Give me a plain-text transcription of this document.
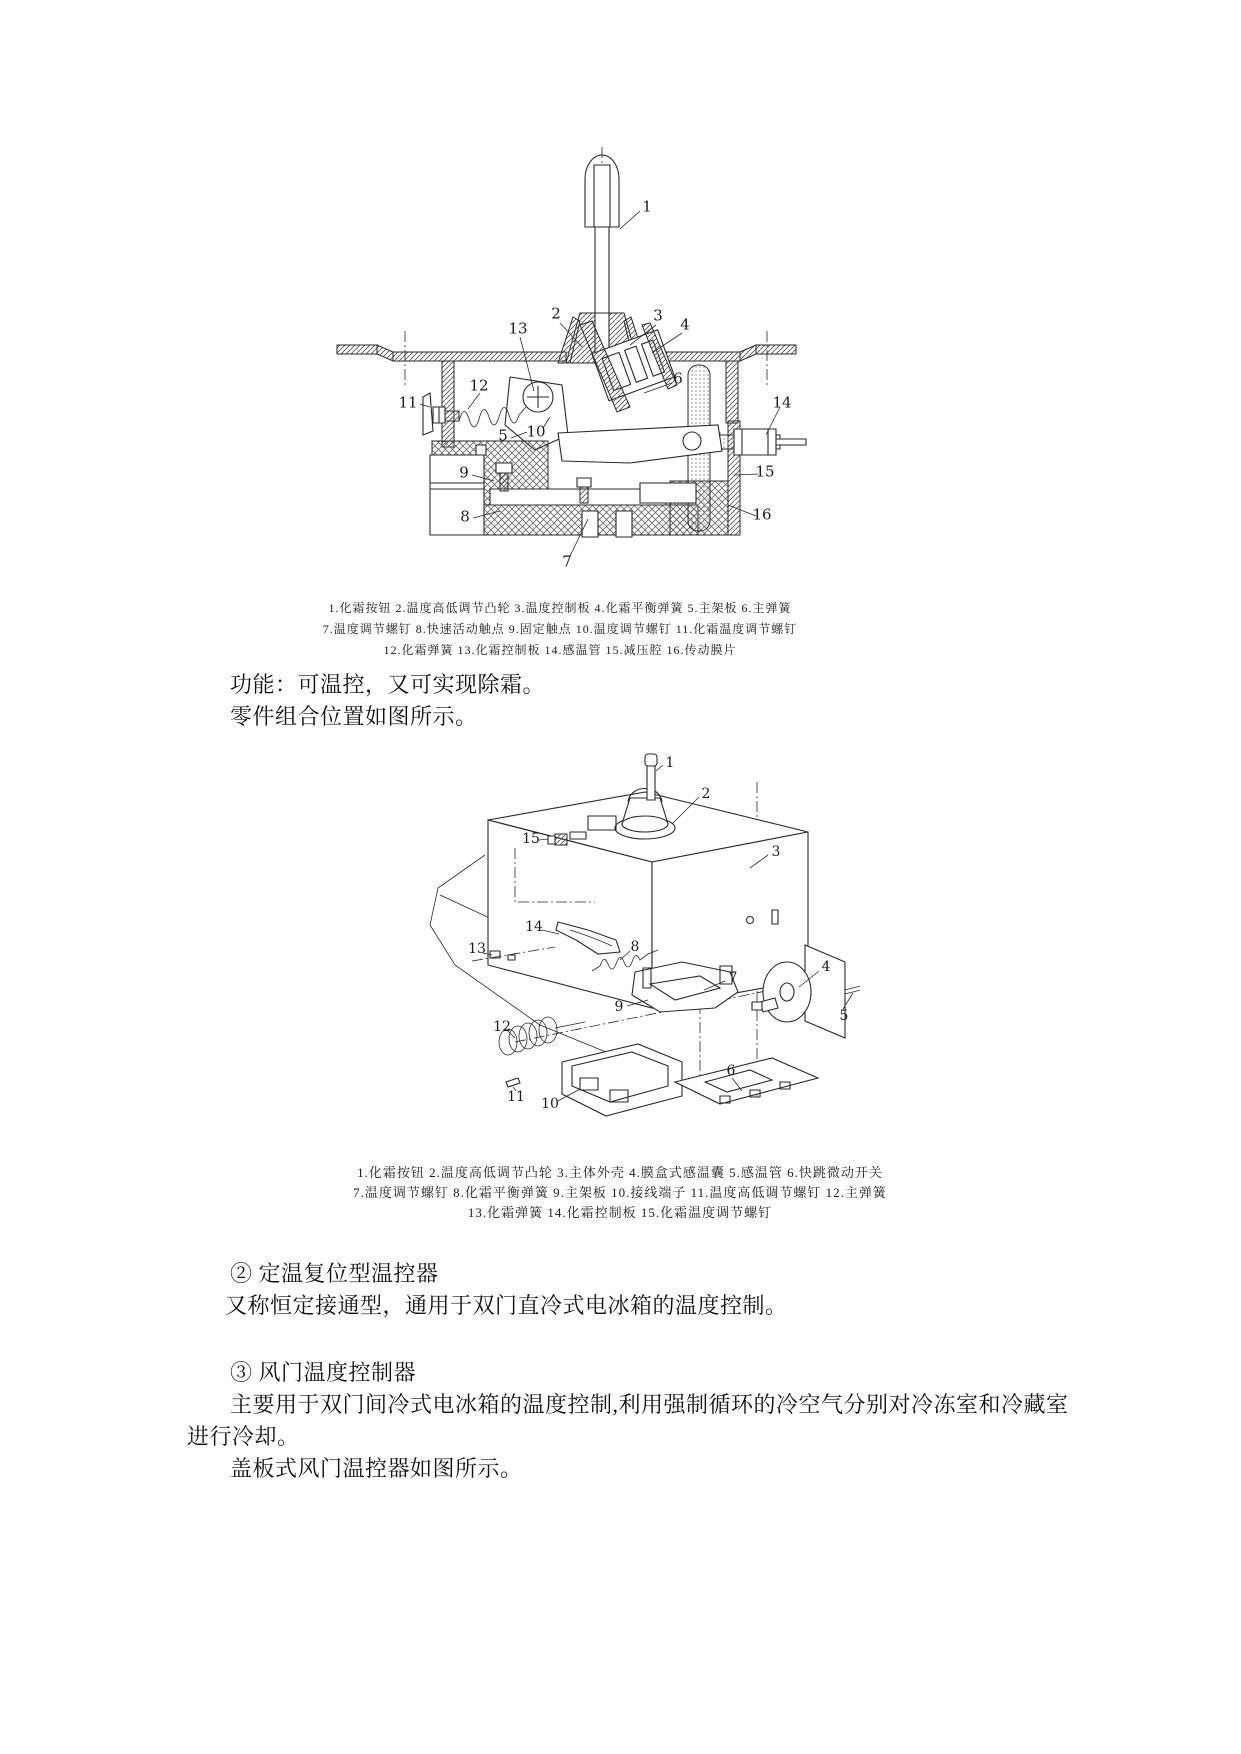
1
2	3 4
13
11
12	6
5 10
9
8
15
16
14
7
1.化霜按钮 2.温度高低调节凸轮 3.温度控制板 4.化霜平衡弹簧 5.主架板 6.主弹簧
7.温度调节螺钉 8.快速活动触点 9.固定触点 10.温度调节螺钉 11.化霜温度调节螺钉
12.化霜弹簧 13.化霜控制板 14.感温管 15.减压腔 16.传动膜片
功能：可温控，又可实现除霜。
零件组合位置如图所示。
1
2
15
3
14
13	8
7
9
12
11 10
6
4
5
1.化霜按钮 2.温度高低调节凸轮 3.主体外壳 4.膜盒式感温囊 5.感温管 6.快跳微动开关
7.温度调节螺钉 8.化霜平衡弹簧 9.主架板 10.接线端子 11.温度高低调节螺钉 12.主弹簧
13.化霜弹簧 14.化霜控制板 15.化霜温度调节螺钉
② 定温复位型温控器
又称恒定接通型，通用于双门直冷式电冰箱的温度控制。
③ 风门温度控制器
主要用于双门间冷式电冰箱的温度控制,利用强制循环的冷空气分别对冷冻室和冷藏室
进行冷却。
盖板式风门温控器如图所示。
